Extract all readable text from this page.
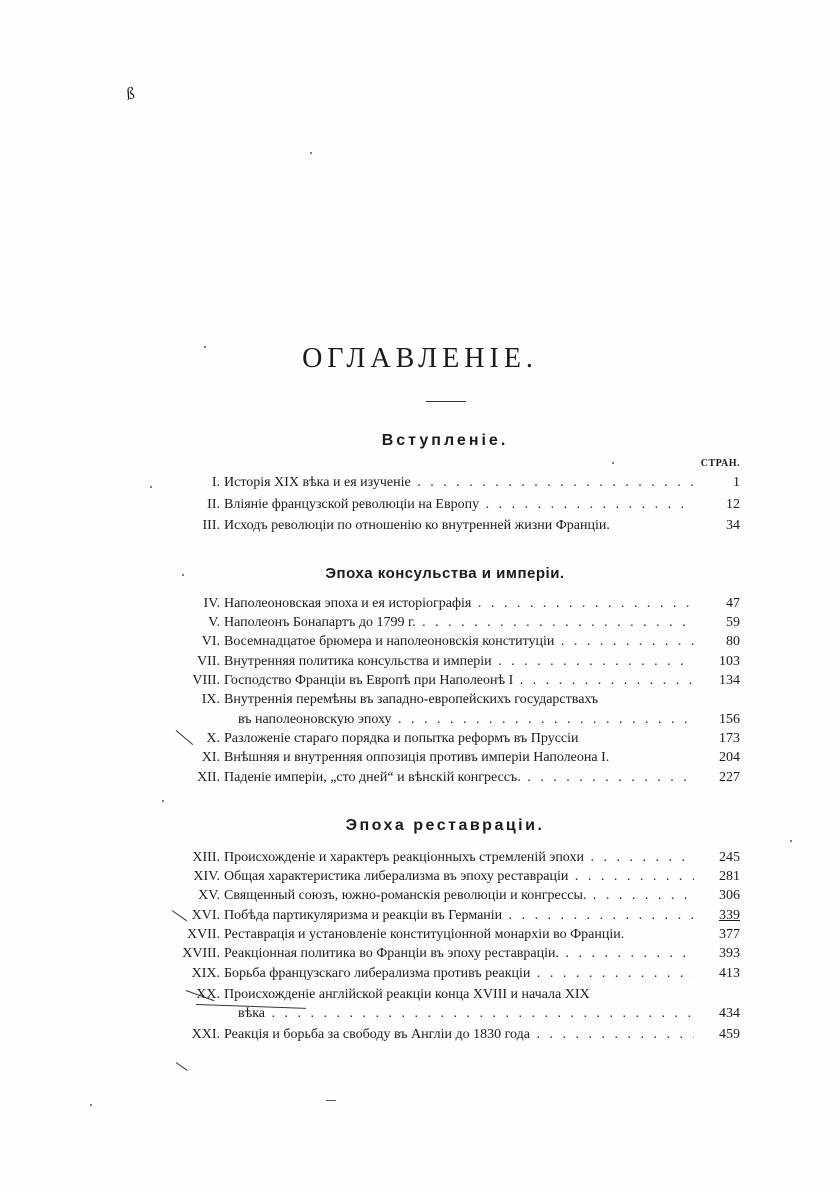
ß
ОГЛАВЛЕНІЕ.
Вступленіе.
СТРАН.
I. Исторія XIX вѣка и ея изученіе . . .	1
II. Вліяніе французской революціи на Европу . . .	12
III. Исходъ революціи по отношенію ко внутренней жизни Франціи.	34
Эпоха консульства и имперіи.
IV. Наполеоновская эпоха и ея исторіографія . . .	47
V. Наполеонъ Бонапартъ до 1799 г. . . .	59
VI. Восемнадцатое брюмера и наполеоновскія конституціи . . .	80
VII. Внутренняя политика консульства и имперіи . . .	103
VIII. Господство Франціи въ Европѣ при Наполеонѣ I . . .	134
IX. Внутреннія перемѣны въ западно-европейскихъ государствахъ
въ наполеоновскую эпоху . . .	156
X. Разложеніе стараго порядка и попытка реформъ въ Пруссіи	173
XI. Внѣшняя и внутренняя оппозиція противъ имперіи Наполеона I.	204
XII. Паденіе имперіи, „сто дней“ и вѣнскій конгрессъ. . . .	227
Эпоха реставраціи.
XIII. Происхожденіе и характеръ реакціонныхъ стремленій эпохи . . .	245
XIV. Общая характеристика либерализма въ эпоху реставраціи . . .	281
XV. Священный союзъ, южно-романскія революціи и конгрессы. . . .	306
XVI. Побѣда партикуляризма и реакціи въ Германіи . . .	339
XVII. Реставрація и установленіе конституціонной монархіи во Франціи.	377
XVIII. Реакціонная политика во Франціи въ эпоху реставраціи. . . .	393
XIX. Борьба французскаго либерализма противъ реакціи . . .	413
XX. Происхожденіе англійской реакціи конца XVIII и начала XIX
вѣка . . .	434
XXI. Реакція и борьба за свободу въ Англіи до 1830 года . . .	459
